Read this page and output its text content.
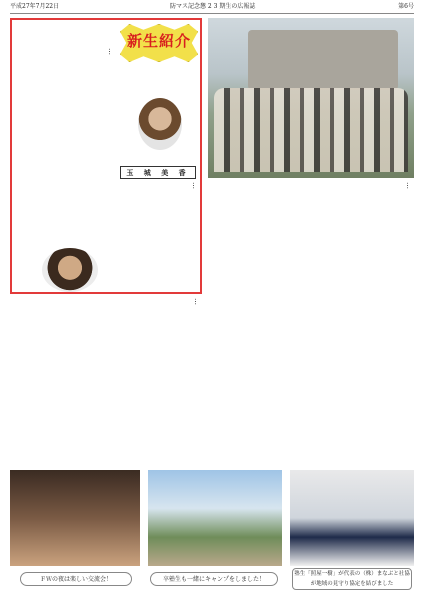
平成27年7月22日	防マス記念懇 2 3 期生の広報誌	第6号
新生紹介
玉 城 美 香
…
…	…
…
ＦＷの夜は楽しい交流会！	卒塾生も一緒にキャンプをしました！
塾生「照屋一樹」が代表の（株）まなぶと社協が地域の見守り協定を結びました
